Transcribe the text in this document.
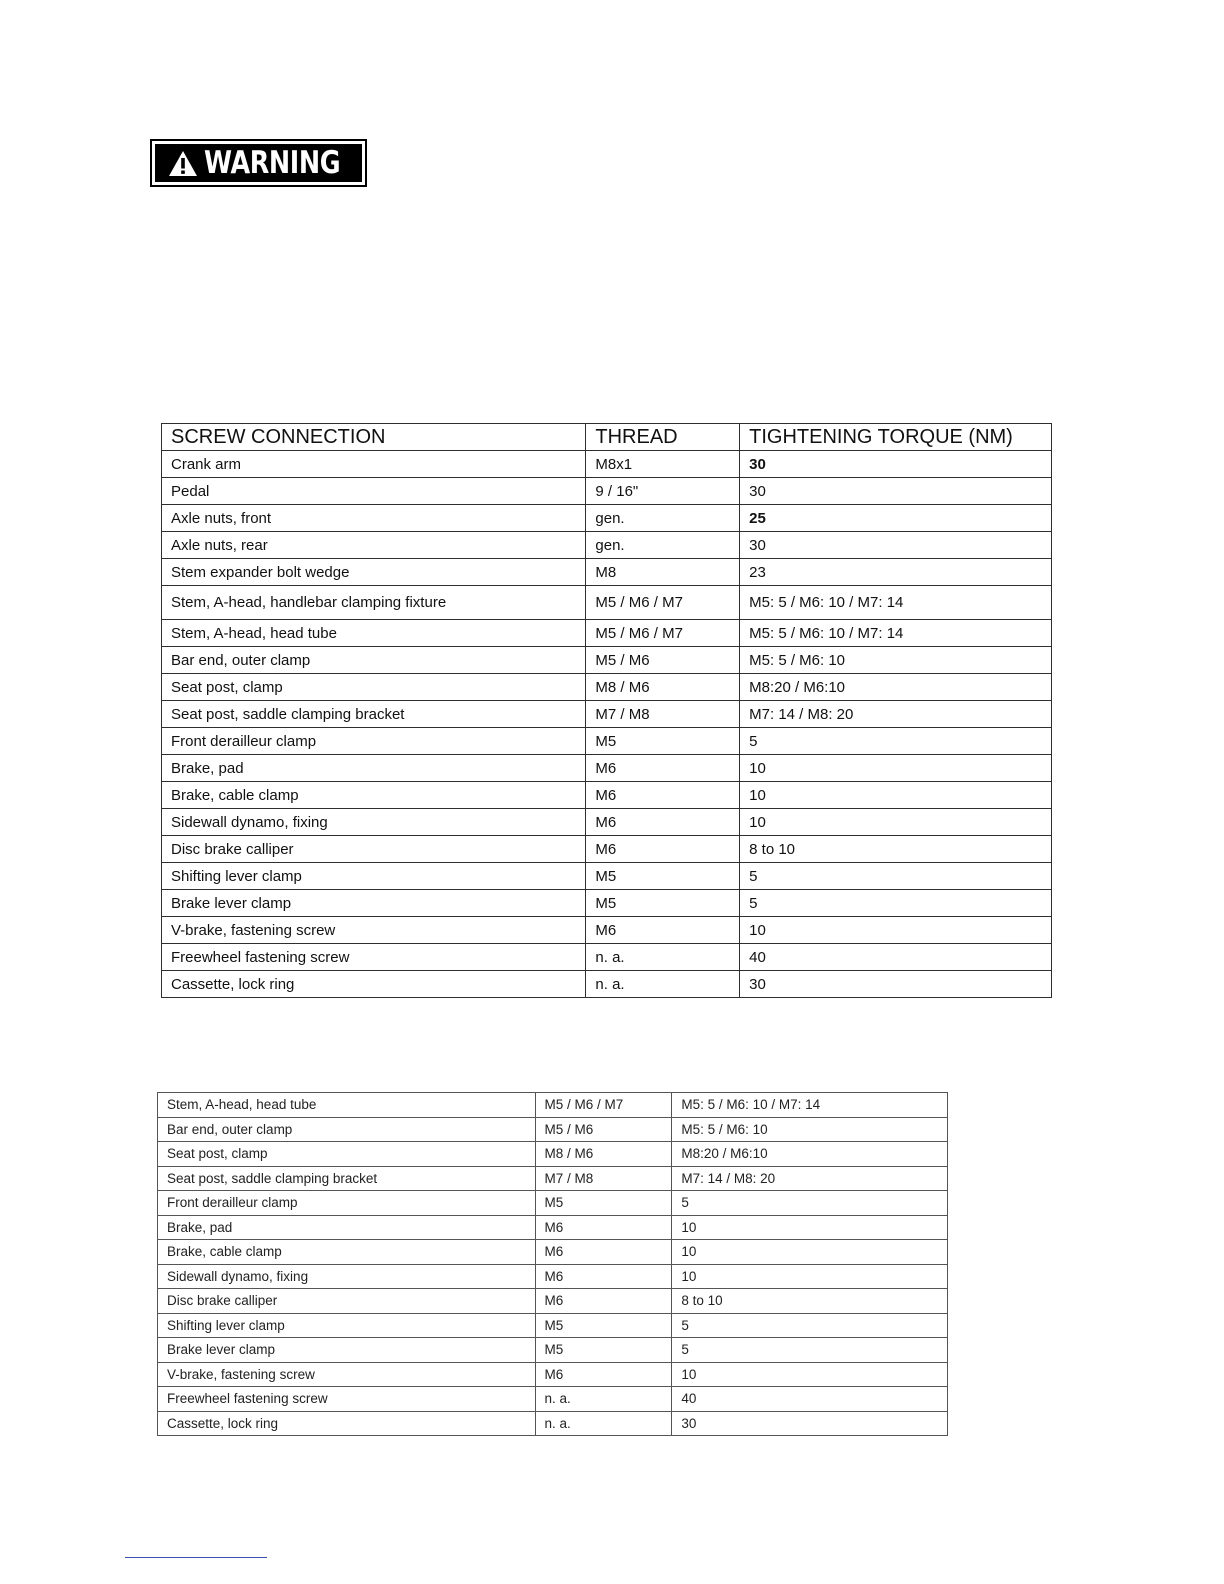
WARNING
SCREW CONNECTION	THREAD	TIGHTENING TORQUE (NM)
Crank arm	M8x1	30
Pedal	9 / 16"	30
Axle nuts, front	gen.	25
Axle nuts, rear	gen.	30
Stem expander bolt wedge	M8	23
Stem, A-head, handlebar clamping fixture	M5 / M6 / M7	M5: 5 / M6: 10 / M7: 14
Stem, A-head, head tube	M5 / M6 / M7	M5: 5 / M6: 10 / M7: 14
Bar end, outer clamp	M5 / M6	M5: 5 / M6: 10
Seat post, clamp	M8 / M6	M8:20 / M6:10
Seat post, saddle clamping bracket	M7 / M8	M7: 14 / M8: 20
Front derailleur clamp	M5	5
Brake, pad	M6	10
Brake, cable clamp	M6	10
Sidewall dynamo, fixing	M6	10
Disc brake calliper	M6	8 to 10
Shifting lever clamp	M5	5
Brake lever clamp	M5	5
V-brake, fastening screw	M6	10
Freewheel fastening screw	n. a.	40
Cassette, lock ring	n. a.	30
Stem, A-head, head tube	M5 / M6 / M7	M5: 5 / M6: 10 / M7: 14
Bar end, outer clamp	M5 / M6	M5: 5 / M6: 10
Seat post, clamp	M8 / M6	M8:20 / M6:10
Seat post, saddle clamping bracket	M7 / M8	M7: 14 / M8: 20
Front derailleur clamp	M5	5
Brake, pad	M6	10
Brake, cable clamp	M6	10
Sidewall dynamo, fixing	M6	10
Disc brake calliper	M6	8 to 10
Shifting lever clamp	M5	5
Brake lever clamp	M5	5
V-brake, fastening screw	M6	10
Freewheel fastening screw	n. a.	40
Cassette, lock ring	n. a.	30
